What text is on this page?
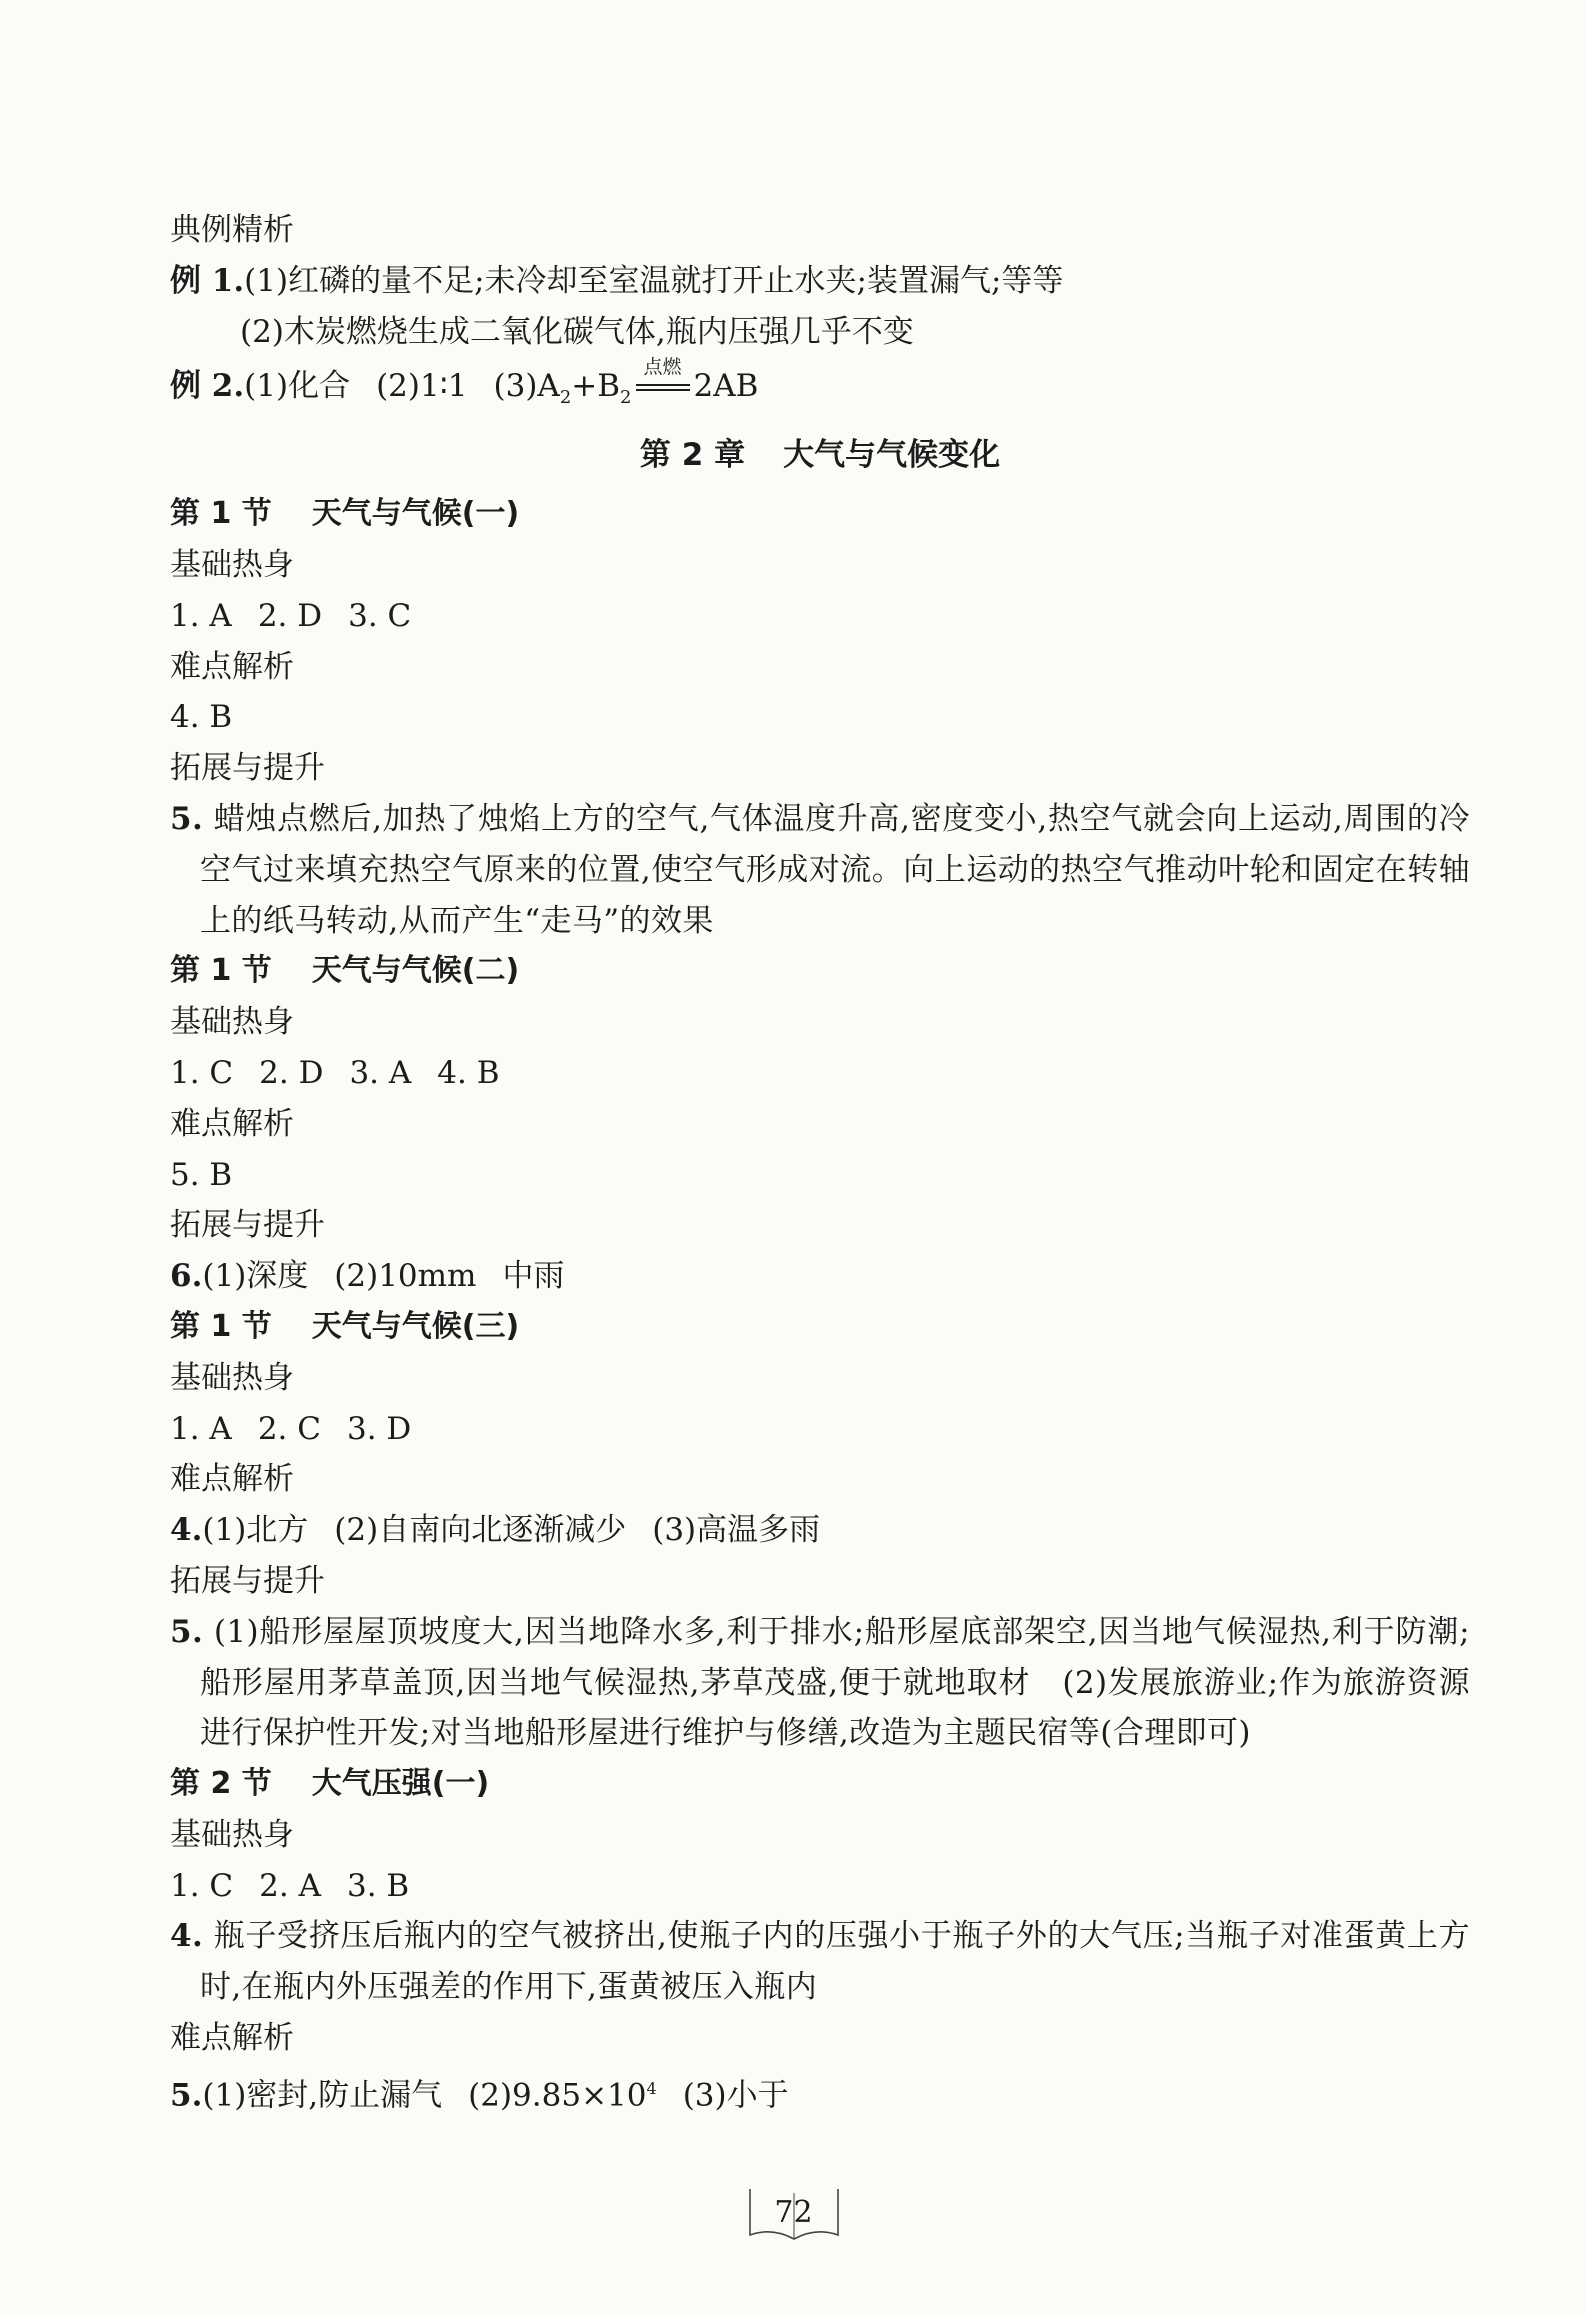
典例精析
例 1.(1)红磷的量不足;未冷却至室温就打开止水夹;装置漏气;等等
(2)木炭燃烧生成二氧化碳气体,瓶内压强几乎不变
例 2.(1)化合 (2)1∶1 $(3)A_2+B_2$
点燃
2AB
第 2 章 大气与气候变化
第 1 节 天气与气候(一)
基础热身
1. A 2. D 3. C
难点解析
4. B
拓展与提升
5. 蜡烛点燃后,加热了烛焰上方的空气,气体温度升高,密度变小,热空气就会向上运动,周围的冷空气过来填充热空气原来的位置,使空气形成对流。向上运动的热空气推动叶轮和固定在转轴上的纸马转动,从而产生“走马”的效果
第 1 节 天气与气候(二)
基础热身
1. C 2. D 3. A 4. B
难点解析
5. B
拓展与提升
6.(1)深度 (2)10mm 中雨
第 1 节 天气与气候(三)
基础热身
1. A 2. C 3. D
难点解析
4.(1)北方 (2)自南向北逐渐减少 (3)高温多雨
拓展与提升
5. (1)船形屋屋顶坡度大,因当地降水多,利于排水;船形屋底部架空,因当地气候湿热,利于防潮;船形屋用茅草盖顶,因当地气候湿热,茅草茂盛,便于就地取材　(2)发展旅游业;作为旅游资源进行保护性开发;对当地船形屋进行维护与修缮,改造为主题民宿等(合理即可)
第 2 节 大气压强(一)
基础热身
1. C 2. A 3. B
4. 瓶子受挤压后瓶内的空气被挤出,使瓶子内的压强小于瓶子外的大气压;当瓶子对准蛋黄上方时,在瓶内外压强差的作用下,蛋黄被压入瓶内
难点解析
5.(1)密封,防止漏气 $(2)9.85\times 10^4$ (3)小于
72
